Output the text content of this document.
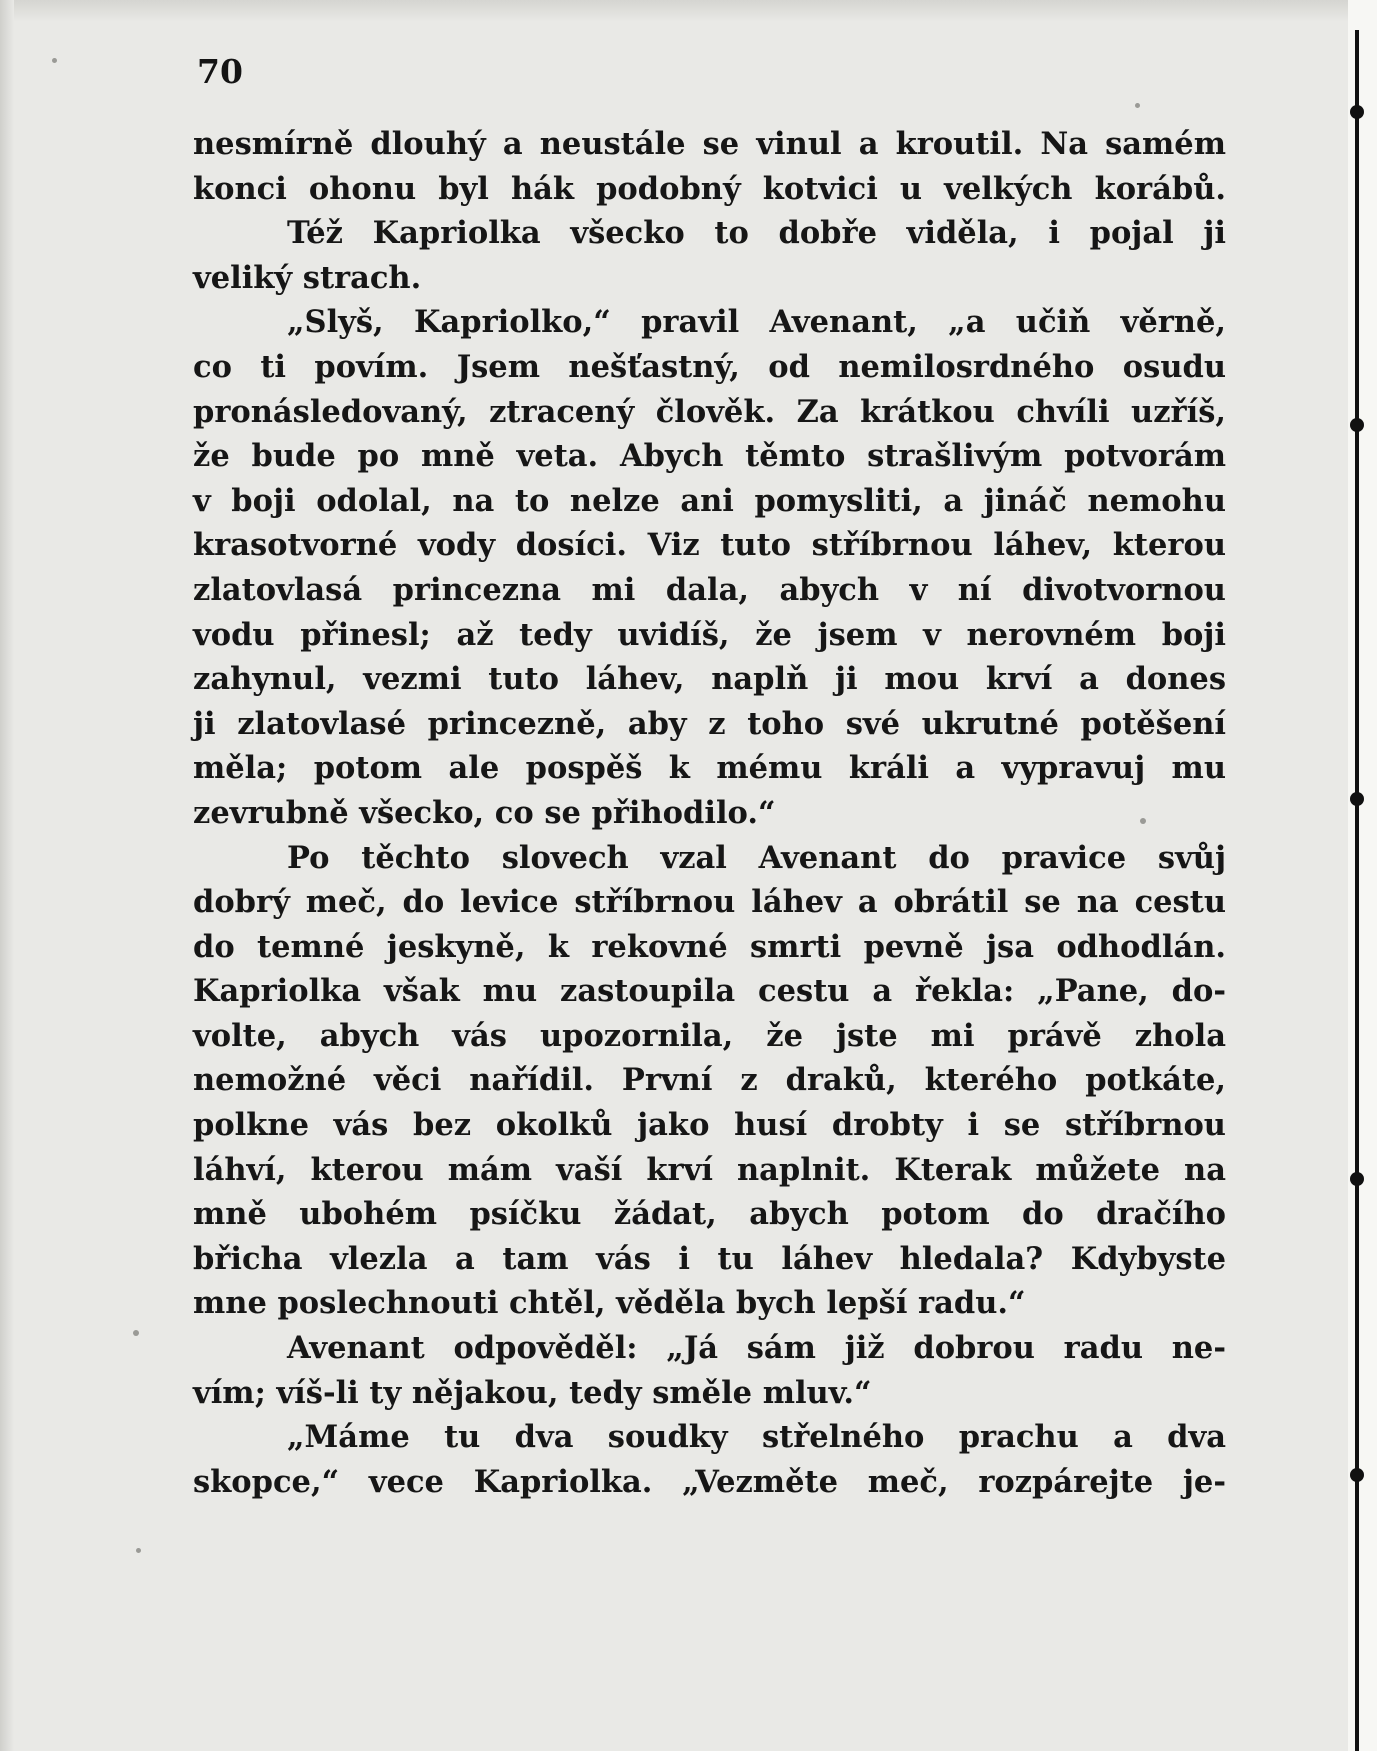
70
nesmírně dlouhý a neustále se vinul a kroutil. Na samém
konci ohonu byl hák podobný kotvici u velkých korábů.
Též Kapriolka všecko to dobře viděla, i pojal ji
veliký strach.
„Slyš, Kapriolko,“ pravil Avenant, „a učiň věrně,
co ti povím. Jsem nešťastný, od nemilosrdného osudu
pronásledovaný, ztracený člověk. Za krátkou chvíli uzříš,
že bude po mně veta. Abych těmto strašlivým potvorám
v boji odolal, na to nelze ani pomysliti, a jináč nemohu
krasotvorné vody dosíci. Viz tuto stříbrnou láhev, kterou
zlatovlasá princezna mi dala, abych v ní divotvornou
vodu přinesl; až tedy uvidíš, že jsem v nerovném boji
zahynul, vezmi tuto láhev, naplň ji mou krví a dones
ji zlatovlasé princezně, aby z toho své ukrutné potěšení
měla; potom ale pospěš k mému králi a vypravuj mu
zevrubně všecko, co se přihodilo.“
Po těchto slovech vzal Avenant do pravice svůj
dobrý meč, do levice stříbrnou láhev a obrátil se na cestu
do temné jeskyně, k rekovné smrti pevně jsa odhodlán.
Kapriolka však mu zastoupila cestu a řekla: „Pane, do-
volte, abych vás upozornila, že jste mi právě zhola
nemožné věci nařídil. První z draků, kterého potkáte,
polkne vás bez okolků jako husí drobty i se stříbrnou
láhví, kterou mám vaší krví naplnit. Kterak můžete na
mně ubohém psíčku žádat, abych potom do dračího
břicha vlezla a tam vás i tu láhev hledala? Kdybyste
mne poslechnouti chtěl, věděla bych lepší radu.“
Avenant odpověděl: „Já sám již dobrou radu ne-
vím; víš-li ty nějakou, tedy směle mluv.“
„Máme tu dva soudky střelného prachu a dva
skopce,“ vece Kapriolka. „Vezměte meč, rozpárejte je-
